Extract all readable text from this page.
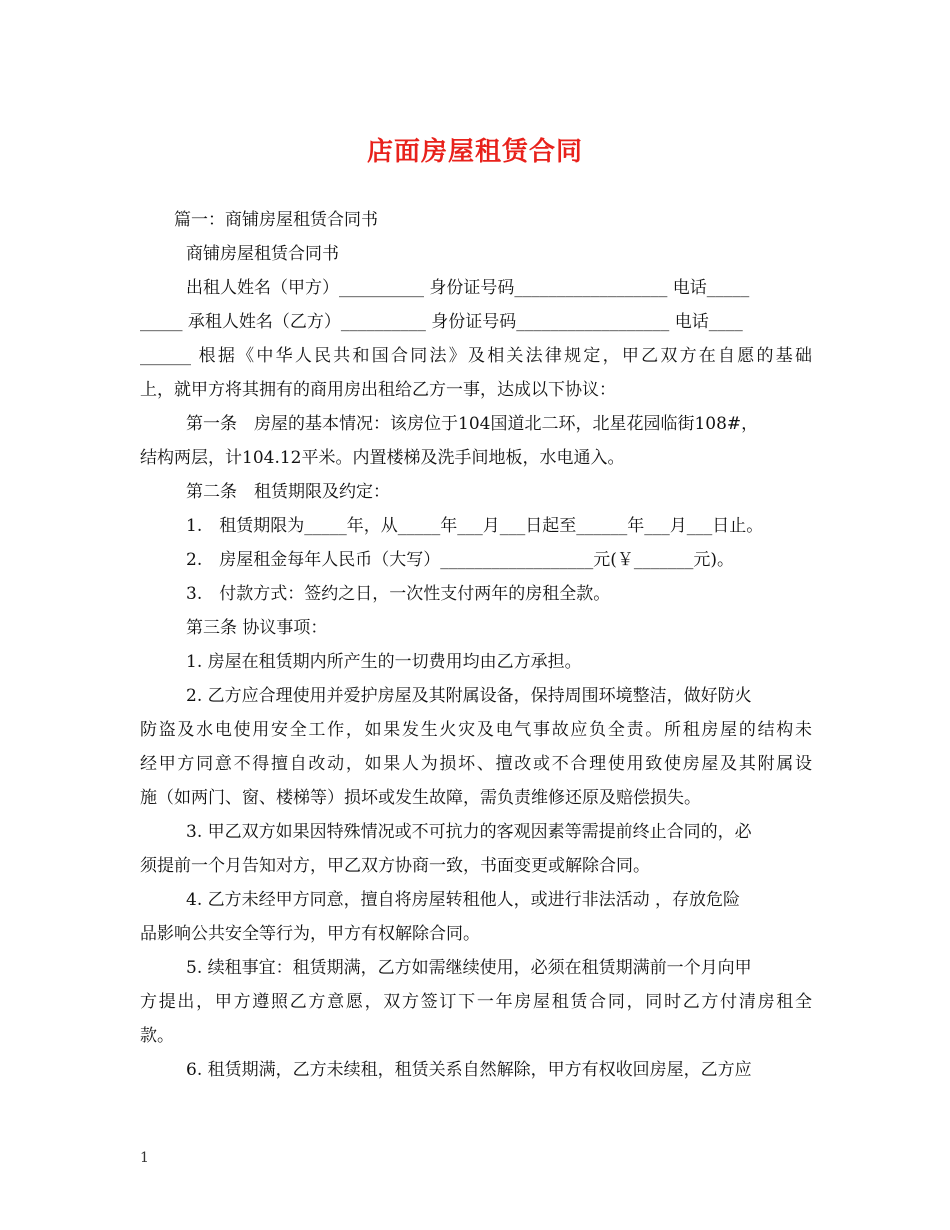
店面房屋租赁合同
篇一：商铺房屋租赁合同书
商铺房屋租赁合同书
出租人姓名（甲方）__________ 身份证号码__________________ 电话_____
_____ 承租人姓名（乙方）__________ 身份证号码__________________ 电话____
______ 根据《中华人民共和国合同法》及相关法律规定，甲乙双方在自愿的基础
上，就甲方将其拥有的商用房出租给乙方一事，达成以下协议：
第一条　房屋的基本情况：该房位于104国道北二环，北星花园临街108#，
结构两层，计104.12平米。内置楼梯及洗手间地板，水电通入。
第二条　租赁期限及约定：
1.　租赁期限为_____年，从_____年___月___日起至______年___月___日止。
2.　房屋租金每年人民币（大写）__________________元(￥_______元)。
3.　付款方式：签约之日，一次性支付两年的房租全款。
第三条 协议事项：
1. 房屋在租赁期内所产生的一切费用均由乙方承担。
2. 乙方应合理使用并爱护房屋及其附属设备，保持周围环境整洁，做好防火
防盗及水电使用安全工作，如果发生火灾及电气事故应负全责。所租房屋的结构未
经甲方同意不得擅自改动，如果人为损坏、擅改或不合理使用致使房屋及其附属设
施（如两门、窗、楼梯等）损坏或发生故障，需负责维修还原及赔偿损失。
3. 甲乙双方如果因特殊情况或不可抗力的客观因素等需提前终止合同的，必
须提前一个月告知对方，甲乙双方协商一致，书面变更或解除合同。
4. 乙方未经甲方同意，擅自将房屋转租他人，或进行非法活动 ，存放危险
品影响公共安全等行为，甲方有权解除合同。
5. 续租事宜：租赁期满，乙方如需继续使用，必须在租赁期满前一个月向甲
方提出，甲方遵照乙方意愿，双方签订下一年房屋租赁合同，同时乙方付清房租全
款。
6. 租赁期满，乙方未续租，租赁关系自然解除，甲方有权收回房屋，乙方应
1
